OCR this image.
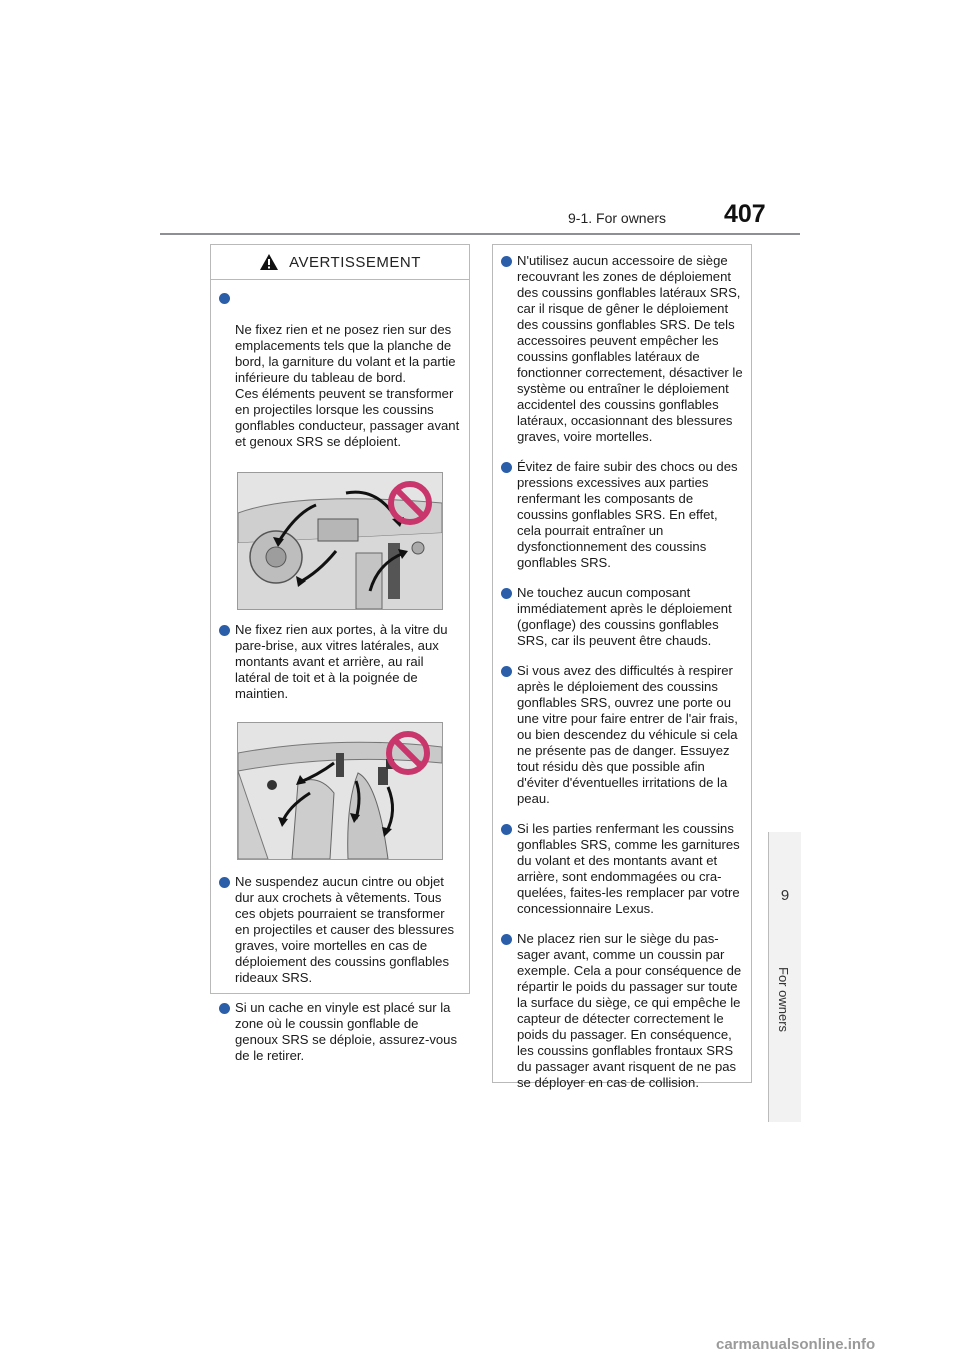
9-1. For owners 407
9
For owners
AVERTISSEMENT

Ne fixez rien et ne posez rien sur des emplacements tels que la planche de bord, la garniture du volant et la partie inférieure du tableau de bord.
Ces éléments peuvent se transformer en projectiles lorsque les coussins gonflables conducteur, passager avant et genoux SRS se déploient.

Ne fixez rien aux portes, à la vitre du pare-brise, aux vitres latérales, aux montants avant et arrière, au rail latéral de toit et à la poignée de maintien.
Ne suspendez aucun cintre ou objet dur aux crochets à vêtements. Tous ces objets pourraient se transformer en projectiles et causer des blessures graves, voire mortelles en cas de déploiement des coussins gonflables rideaux SRS.
Si un cache en vinyle est placé sur la zone où le coussin gonflable de genoux SRS se déploie, assurez-vous de le retirer.
N'utilisez aucun accessoire de siège recouvrant les zones de déploiement des coussins gonflables latéraux SRS, car il risque de gêner le déploiement des coussins gonflables SRS. De tels accessoires peuvent empêcher les coussins gonflables latéraux de fonctionner correctement, désactiver le système ou entraîner le déploiement accidentel des coussins gonflables latéraux, occasionnant des blessures graves, voire mortelles.
Évitez de faire subir des chocs ou des pressions excessives aux parties renfermant les composants de coussins gonflables SRS. En effet, cela pourrait entraîner un dysfonctionnement des coussins gonflables SRS.
Ne touchez aucun composant immédiatement après le déploiement (gonflage) des coussins gonflables SRS, car ils peuvent être chauds.
Si vous avez des difficultés à respirer après le déploiement des coussins gonflables SRS, ouvrez une porte ou une vitre pour faire entrer de l'air frais, ou bien descendez du véhicule si cela ne présente pas de danger. Essuyez tout résidu dès que possible afin d'éviter d'éventuelles irritations de la peau.
Si les parties renfermant les coussins gonflables SRS, comme les garnitures du volant et des montants avant et arrière, sont endommagées ou cra-quelées, faites-les remplacer par votre concessionnaire Lexus.
Ne placez rien sur le siège du pas-sager avant, comme un coussin par exemple. Cela a pour conséquence de répartir le poids du passager sur toute la surface du siège, ce qui empêche le capteur de détecter correctement le poids du passager. En conséquence, les coussins gonflables frontaux SRS du passager avant risquent de ne pas se déployer en cas de collision.
carmanualsonline.info
